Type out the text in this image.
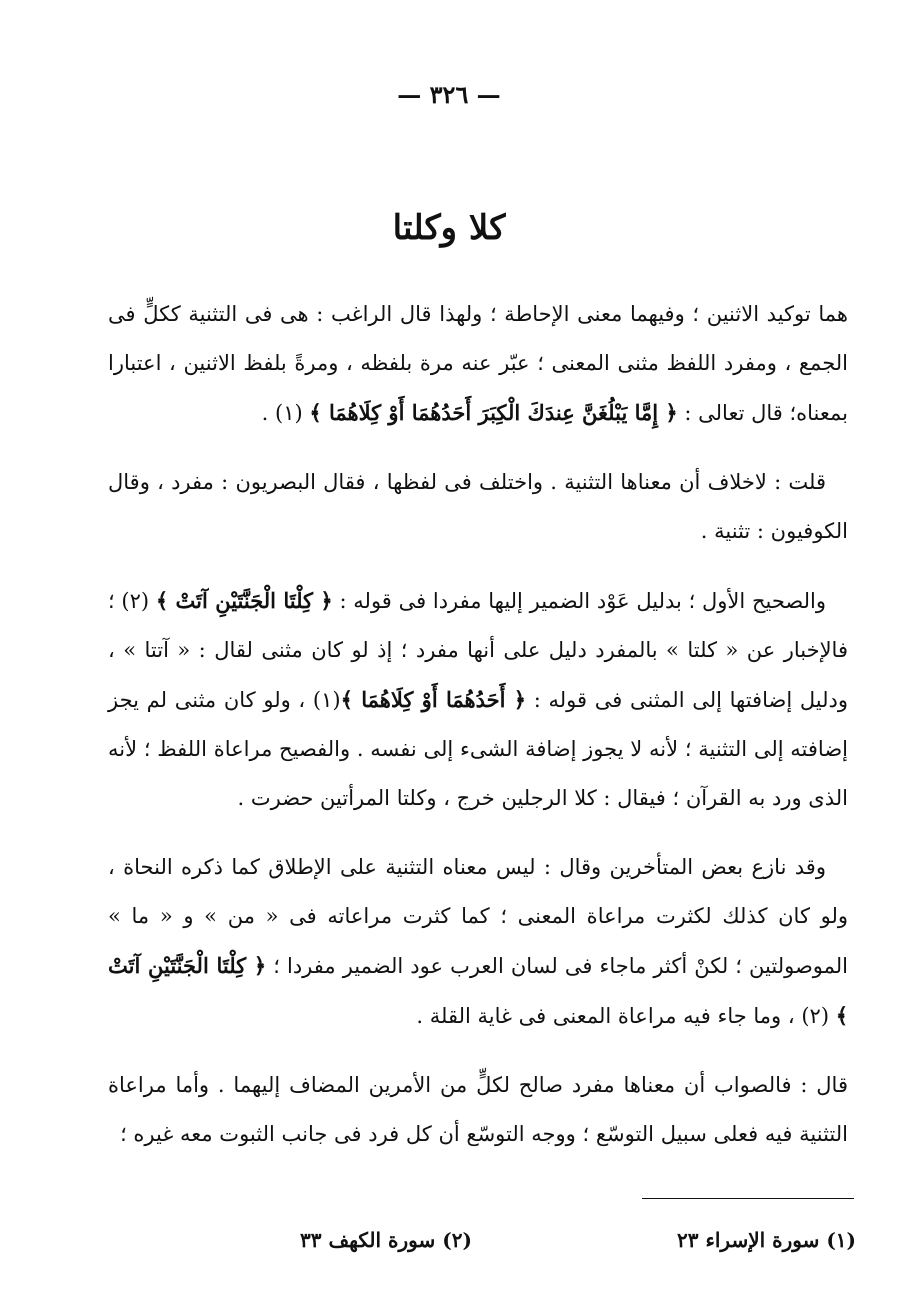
— ٣٢٦ —
كلا وكلتا

هما توكيد الاثنين ؛ وفيهما معنى الإحاطة ؛ ولهذا قال الراغب : هى فى التثنية ككلٍّ فى الجمع ، ومفرد اللفظ مثنى المعنى ؛ عبّر عنه مرة بلفظه ، ومرةً بلفظ الاثنين ، اعتبارا بمعناه؛ قال تعالى : ﴿ إِمَّا يَبْلُغَنَّ عِندَكَ الْكِبَرَ أَحَدُهُمَا أَوْ كِلَاهُمَا ﴾ (١) .

قلت : لاخلاف أن معناها التثنية . واختلف فى لفظها ، فقال البصريون : مفرد ، وقال الكوفيون : تثنية .

والصحيح الأول ؛ بدليل عَوْد الضمير إليها مفردا فى قوله : ﴿ كِلْتَا الْجَنَّتَيْنِ آتَتْ ﴾ (٢) ؛ فالإخبار عن « كلتا » بالمفرد دليل على أنها مفرد ؛ إذ لو كان مثنى لقال : « آتتا » ، ودليل إضافتها إلى المثنى فى قوله : ﴿ أَحَدُهُمَا أَوْ كِلَاهُمَا ﴾(١) ، ولو كان مثنى لم يجز إضافته إلى التثنية ؛ لأنه لا يجوز إضافة الشىء إلى نفسه . والفصيح مراعاة اللفظ ؛ لأنه الذى ورد به القرآن ؛ فيقال : كلا الرجلين خرج ، وكلتا المرأتين حضرت .

وقد نازع بعض المتأخرين وقال : ليس معناه التثنية على الإطلاق كما ذكره النحاة ، ولو كان كذلك لكثرت مراعاة المعنى ؛ كما كثرت مراعاته فى « من » و « ما » الموصولتين ؛ لكنْ أكثر ماجاء فى لسان العرب عود الضمير مفردا ؛ ﴿ كِلْتَا الْجَنَّتَيْنِ آتَتْ ﴾ (٢) ، وما جاء فيه مراعاة المعنى فى غاية القلة .

قال : فالصواب أن معناها مفرد صالح لكلٍّ من الأمرين المضاف إليهما . وأما مراعاة التثنية فيه فعلى سبيل التوسّع ؛ ووجه التوسّع أن كل فرد فى جانب الثبوت معه غيره ؛

(١) سورة الإسراء ٢٣
(٢) سورة الكهف ٣٣
